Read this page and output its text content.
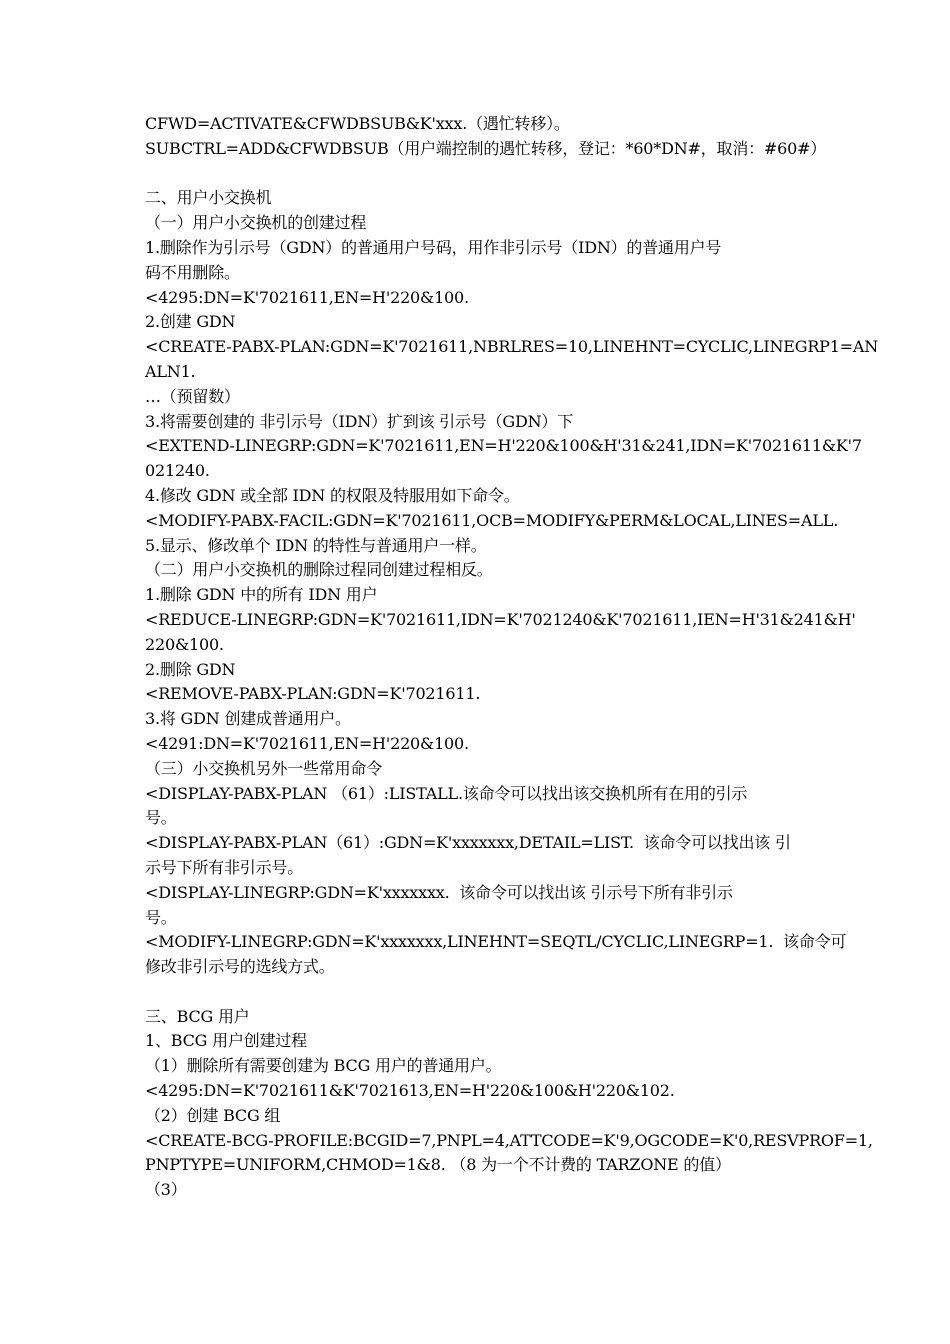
CFWD=ACTIVATE&CFWDBSUB&K'xxx.（遇忙转移）。
SUBCTRL=ADD&CFWDBSUB（用户端控制的遇忙转移，登记：*60*DN#，取消：#60#）
二、用户小交换机
（一）用户小交换机的创建过程
1.删除作为引示号（GDN）的普通用户号码，用作非引示号（IDN）的普通用户号
码不用删除。
<4295:DN=K'7021611,EN=H'220&100.
2.创建 GDN
<CREATE-PABX-PLAN:GDN=K'7021611,NBRLRES=10,LINEHNT=CYCLIC,LINEGRP1=AN
ALN1.
…（预留数）
3.将需要创建的 非引示号（IDN）扩到该 引示号（GDN）下
<EXTEND-LINEGRP:GDN=K'7021611,EN=H'220&100&H'31&241,IDN=K'7021611&K'7
021240.
4.修改 GDN 或全部 IDN 的权限及特服用如下命令。
<MODIFY-PABX-FACIL:GDN=K'7021611,OCB=MODIFY&PERM&LOCAL,LINES=ALL.
5.显示、修改单个 IDN 的特性与普通用户一样。
（二）用户小交换机的删除过程同创建过程相反。
1.删除 GDN 中的所有 IDN 用户
<REDUCE-LINEGRP:GDN=K'7021611,IDN=K'7021240&K'7021611,IEN=H'31&241&H'
220&100.
2.删除 GDN
<REMOVE-PABX-PLAN:GDN=K'7021611.
3.将 GDN 创建成普通用户。
<4291:DN=K'7021611,EN=H'220&100.
（三）小交换机另外一些常用命令
<DISPLAY-PABX-PLAN （61）:LISTALL.该命令可以找出该交换机所有在用的引示
号。
<DISPLAY-PABX-PLAN（61）:GDN=K'xxxxxxx,DETAIL=LIST.  该命令可以找出该 引
示号下所有非引示号。
<DISPLAY-LINEGRP:GDN=K'xxxxxxx.  该命令可以找出该 引示号下所有非引示
号。
<MODIFY-LINEGRP:GDN=K'xxxxxxx,LINEHNT=SEQTL/CYCLIC,LINEGRP=1.  该命令可
修改非引示号的选线方式。
三、BCG 用户
1、BCG 用户创建过程
（1）删除所有需要创建为 BCG 用户的普通用户。
<4295:DN=K'7021611&K'7021613,EN=H'220&100&H'220&102.
（2）创建 BCG 组
<CREATE-BCG-PROFILE:BCGID=7,PNPL=4,ATTCODE=K'9,OGCODE=K'0,RESVPROF=1,
PNPTYPE=UNIFORM,CHMOD=1&8. （8 为一个不计费的 TARZONE 的值）
（3）
